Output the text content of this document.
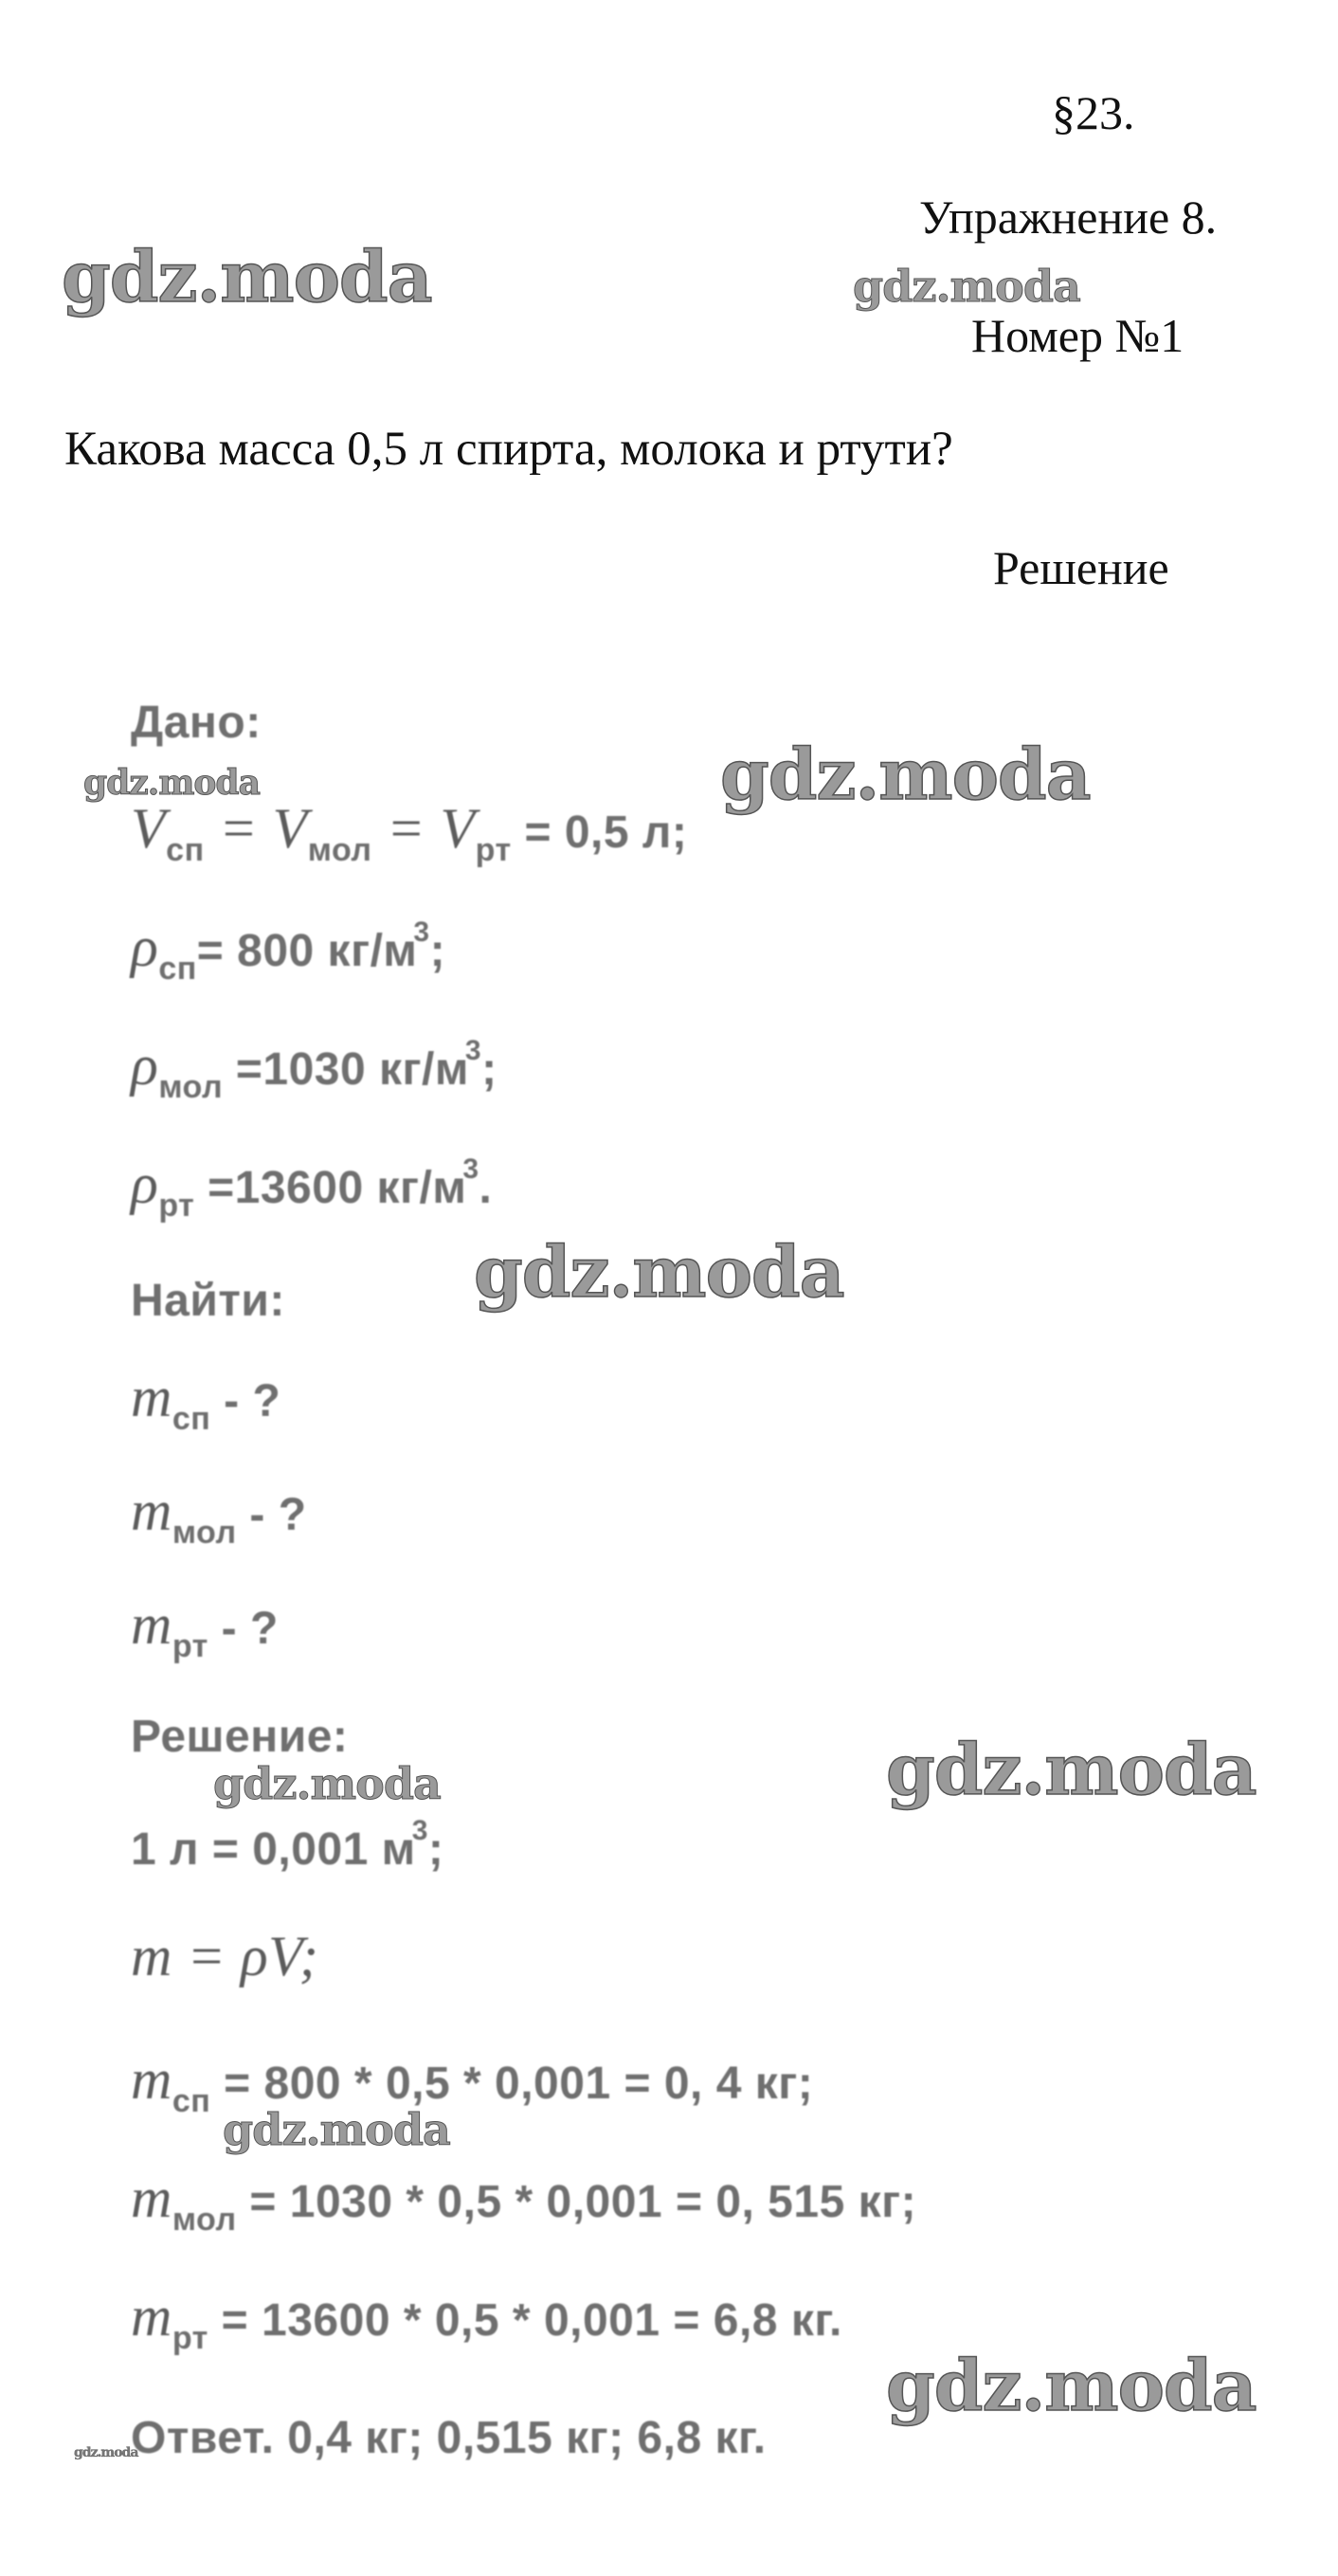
§23.
Упражнение 8.
Номер №1
Какова масса 0,5 л спирта, молока и ртути?
Решение
Дано:
$V_{сп} = V_{мол} = V_{рт} = 0,5$ л;
$\rho_{сп}= 800$ $кг/м^3$;
$\rho_{мол} =1030$ $кг/м^3$;
$\rho_{рт} =13600$ $кг/м^3$.
Найти:
$m_{сп}$ - ?
$m_{мол}$ - ?
$m_{рт}$ - ?
Решение:
1 л = 0,001 $м^3$;
m = ρV;
$m_{сп} = 800 * 0,5 * 0,001 = 0$, 4 кг;
$m_{мол} = 1030 * 0,5 * 0,001 = 0$, 515 кг;
$m_{рт} = 13600 * 0,5 * 0,001 = 6,8$ кг.
Ответ. 0,4 кг; 0,515 кг; 6,8 кг.
gdz.moda	gdz.moda
gdz.moda	gdz.moda
gdz.moda
gdz.moda	gdz.moda
gdz.moda
gdz.moda
gdz.moda
